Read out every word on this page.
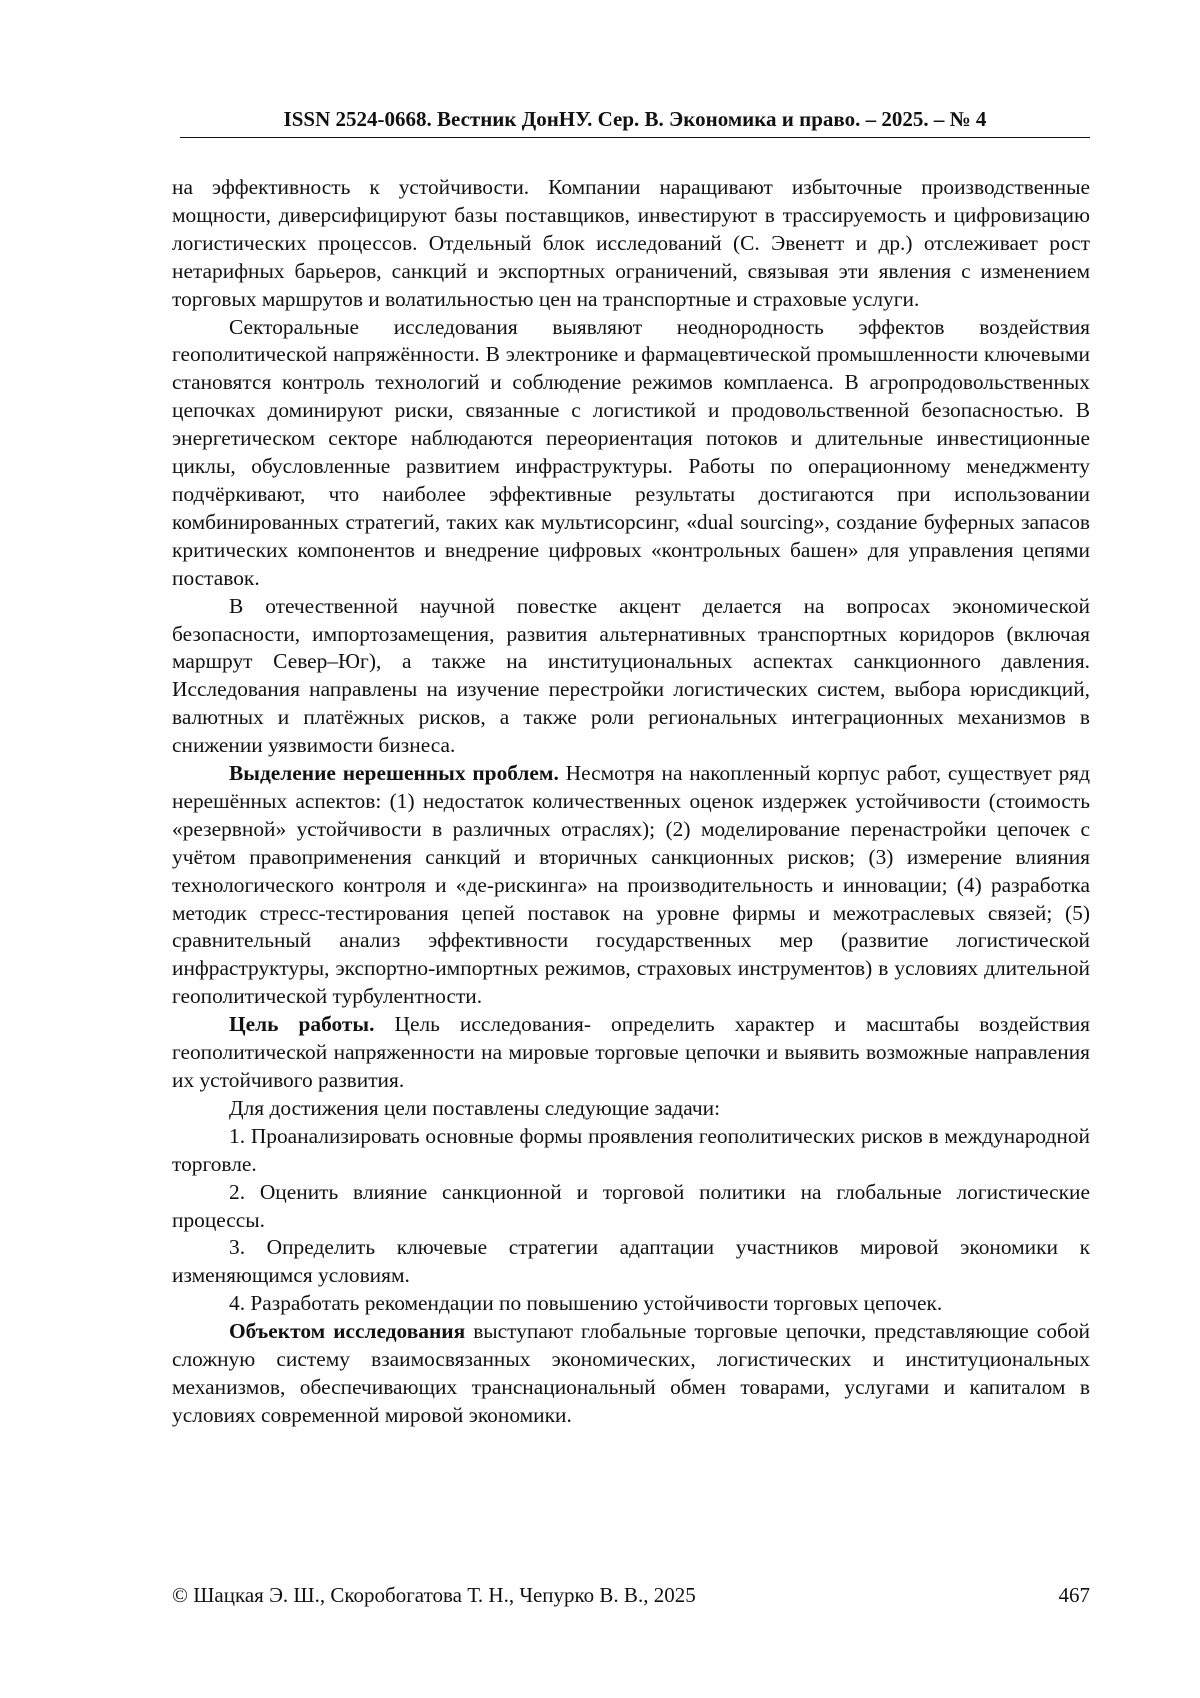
ISSN 2524-0668. Вестник ДонНУ. Сер. В. Экономика и право. – 2025. – № 4

на эффективность к устойчивости. Компании наращивают избыточные производственные мощности, диверсифицируют базы поставщиков, инвестируют в трассируемость и цифровизацию логистических процессов. Отдельный блок исследований (С. Эвенетт и др.) отслеживает рост нетарифных барьеров, санкций и экспортных ограничений, связывая эти явления с изменением торговых маршрутов и волатильностью цен на транспортные и страховые услуги.

Секторальные исследования выявляют неоднородность эффектов воздействия геополитической напряжённости. В электронике и фармацевтической промышленности ключевыми становятся контроль технологий и соблюдение режимов комплаенса. В агропродовольственных цепочках доминируют риски, связанные с логистикой и продовольственной безопасностью. В энергетическом секторе наблюдаются переориентация потоков и длительные инвестиционные циклы, обусловленные развитием инфраструктуры. Работы по операционному менеджменту подчёркивают, что наиболее эффективные результаты достигаются при использовании комбинированных стратегий, таких как мультисорсинг, «dual sourcing», создание буферных запасов критических компонентов и внедрение цифровых «контрольных башен» для управления цепями поставок.

В отечественной научной повестке акцент делается на вопросах экономической безопасности, импортозамещения, развития альтернативных транспортных коридоров (включая маршрут Север–Юг), а также на институциональных аспектах санкционного давления. Исследования направлены на изучение перестройки логистических систем, выбора юрисдикций, валютных и платёжных рисков, а также роли региональных интеграционных механизмов в снижении уязвимости бизнеса.

Выделение нерешенных проблем. Несмотря на накопленный корпус работ, существует ряд нерешённых аспектов: (1) недостаток количественных оценок издержек устойчивости (стоимость «резервной» устойчивости в различных отраслях); (2) моделирование перенастройки цепочек с учётом правоприменения санкций и вторичных санкционных рисков; (3) измерение влияния технологического контроля и «де-рискинга» на производительность и инновации; (4) разработка методик стресс-тестирования цепей поставок на уровне фирмы и межотраслевых связей; (5) сравнительный анализ эффективности государственных мер (развитие логистической инфраструктуры, экспортно-импортных режимов, страховых инструментов) в условиях длительной геополитической турбулентности.

Цель работы. Цель исследования- определить характер и масштабы воздействия геополитической напряженности на мировые торговые цепочки и выявить возможные направления их устойчивого развития.

Для достижения цели поставлены следующие задачи:

1. Проанализировать основные формы проявления геополитических рисков в международной торговле.

2. Оценить влияние санкционной и торговой политики на глобальные логистические процессы.

3. Определить ключевые стратегии адаптации участников мировой экономики к изменяющимся условиям.

4. Разработать рекомендации по повышению устойчивости торговых цепочек.

Объектом исследования выступают глобальные торговые цепочки, представляющие собой сложную систему взаимосвязанных экономических, логистических и институциональных механизмов, обеспечивающих транснациональный обмен товарами, услугами и капиталом в условиях современной мировой экономики.

© Шацкая Э. Ш., Скоробогатова Т. Н., Чепурко В. В., 2025	467
